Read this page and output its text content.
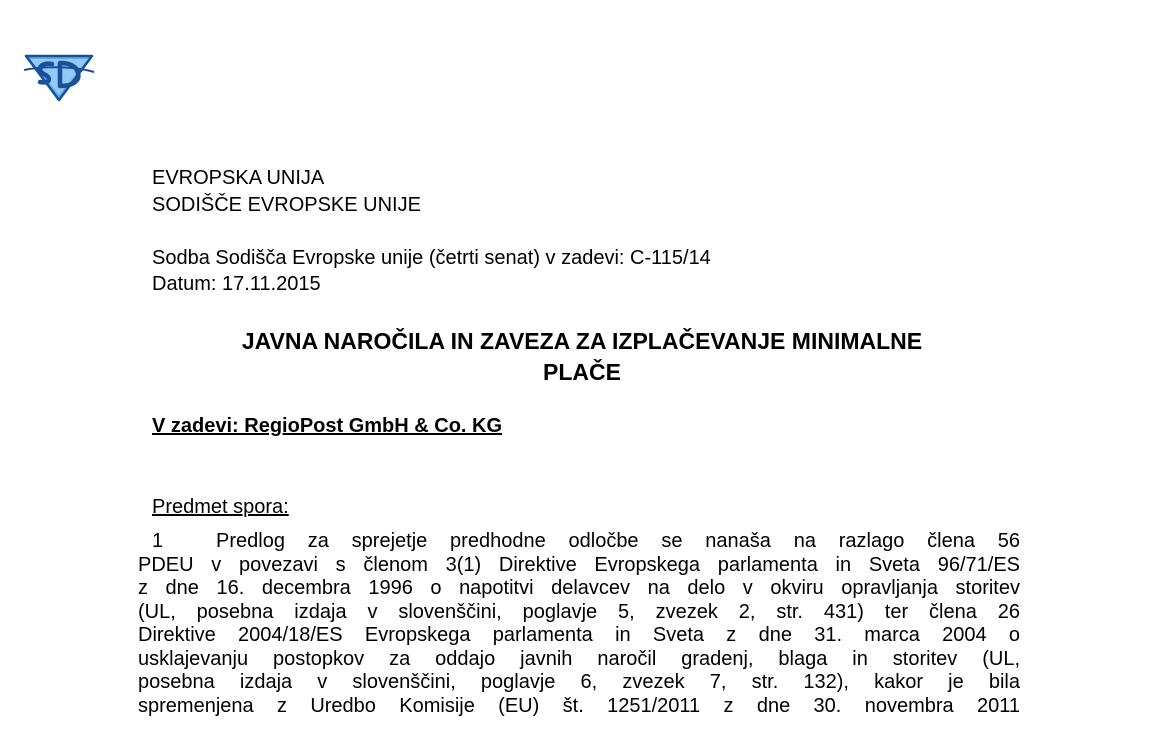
EVROPSKA UNIJA
SODIŠČE EVROPSKE UNIJE
Sodba Sodišča Evropske unije (četrti senat) v zadevi: C-115/14
Datum: 17.11.2015
JAVNA NAROČILA IN ZAVEZA ZA IZPLAČEVANJE MINIMALNE
PLAČE
V zadevi: RegioPost GmbH & Co. KG
Predmet spora:
1	Predlog za sprejetje predhodne odločbe se nanaša na razlago člena 56
PDEU v povezavi s členom 3(1) Direktive Evropskega parlamenta in Sveta 96/71/ES
z dne 16. decembra 1996 o napotitvi delavcev na delo v okviru opravljanja storitev
(UL, posebna izdaja v slovenščini, poglavje 5, zvezek 2, str. 431) ter člena 26
Direktive 2004/18/ES Evropskega parlamenta in Sveta z dne 31. marca 2004 o
usklajevanju postopkov za oddajo javnih naročil gradenj, blaga in storitev (UL,
posebna izdaja v slovenščini, poglavje 6, zvezek 7, str. 132), kakor je bila
spremenjena z Uredbo Komisije (EU) št. 1251/2011 z dne 30. novembra 2011
